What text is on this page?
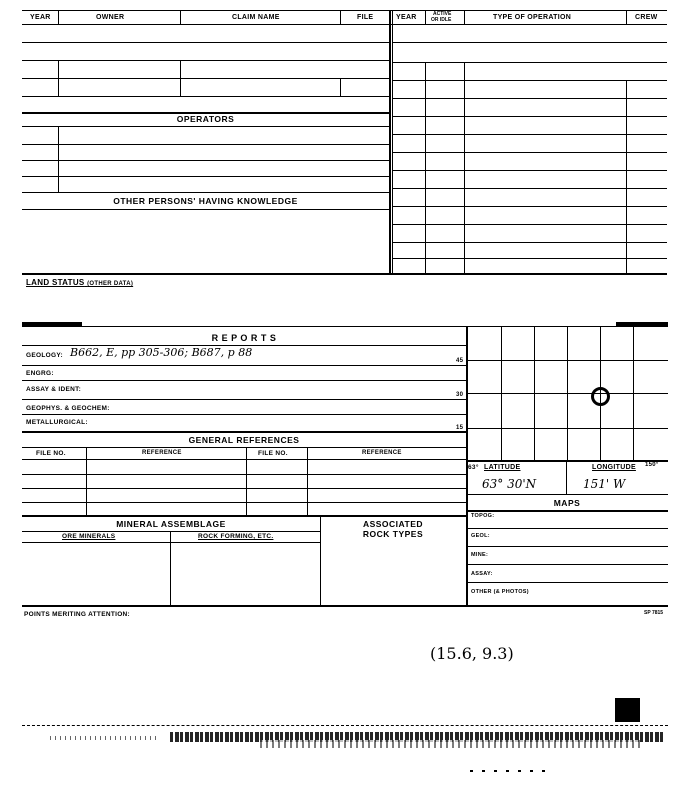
YEAR	OWNER	CLAIM NAME	FILE	YEAR	ACTIVE
OR IDLE	TYPE OF OPERATION	CREW
OPERATORS
OTHER PERSONS' HAVING KNOWLEDGE
LAND STATUS (OTHER DATA)
R E P O R T S
GEOLOGY: B662, E, pp 305-306; B687, p 88
45
ENGRG:
ASSAY & IDENT:
30
GEOPHYS. & GEOCHEM:
METALLURGICAL:
15
GENERAL REFERENCES
FILE NO.	REFERENCE	FILE NO.	REFERENCE
MINERAL ASSEMBLAGE	ASSOCIATED
ROCK TYPES
ORE MINERALS	ROCK FORMING, ETC.
63° LATITUDE	LONGITUDE 150°
63° 30'N	151' W
MAPS
TOPOG:
GEOL:
MINE:
ASSAY:
OTHER (& PHOTOS)
POINTS MERITING ATTENTION:	SP 7815
(15.6, 9.3)
